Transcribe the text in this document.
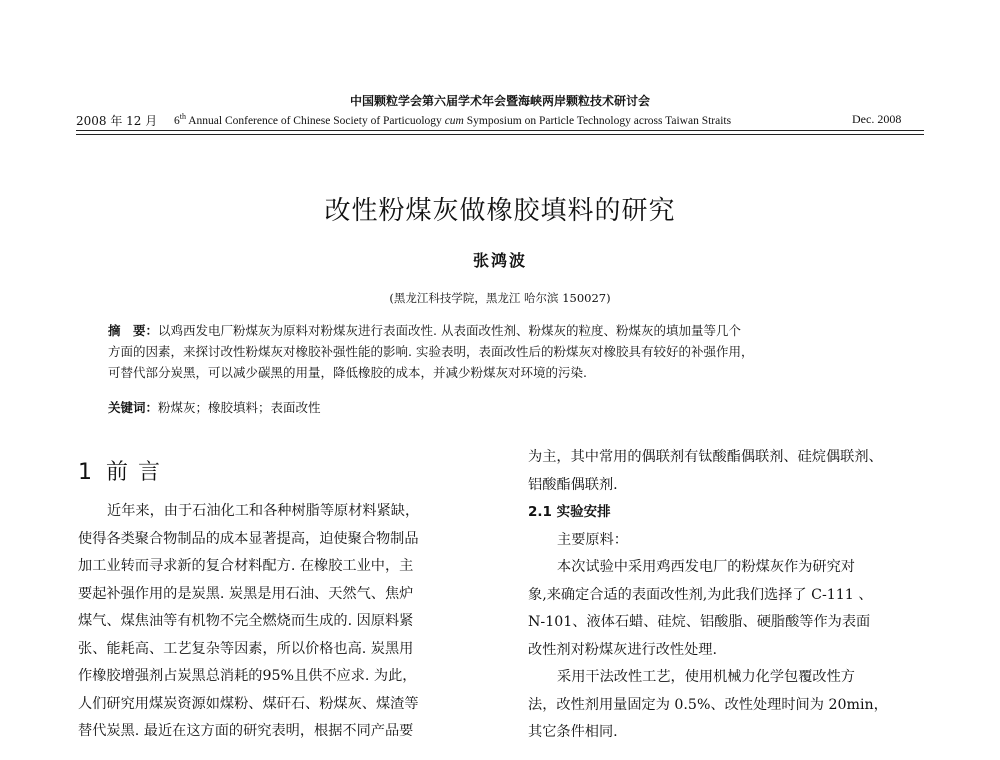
中国颗粒学会第六届学术年会暨海峡两岸颗粒技术研讨会
2008 年 12 月 6th Annual Conference of Chinese Society of Particuology cum Symposium on Particle Technology across Taiwan Straits	Dec. 2008
改性粉煤灰做橡胶填料的研究
张鸿波
(黑龙江科技学院，黑龙江 哈尔滨 150027)
摘　要：以鸡西发电厂粉煤灰为原料对粉煤灰进行表面改性. 从表面改性剂、粉煤灰的粒度、粉煤灰的填加量等几个
方面的因素，来探讨改性粉煤灰对橡胶补强性能的影响. 实验表明，表面改性后的粉煤灰对橡胶具有较好的补强作用，
可替代部分炭黑，可以减少碳黑的用量，降低橡胶的成本，并减少粉煤灰对环境的污染.
关键词：粉煤灰；橡胶填料；表面改性
1 前言
近年来，由于石油化工和各种树脂等原材料紧缺，
使得各类聚合物制品的成本显著提高，迫使聚合物制品
加工业转而寻求新的复合材料配方. 在橡胶工业中，主
要起补强作用的是炭黑. 炭黑是用石油、天然气、焦炉
煤气、煤焦油等有机物不完全燃烧而生成的. 因原料紧
张、能耗高、工艺复杂等因素，所以价格也高. 炭黑用
作橡胶增强剂占炭黑总消耗的95%且供不应求. 为此，
人们研究用煤炭资源如煤粉、煤矸石、粉煤灰、煤渣等
替代炭黑. 最近在这方面的研究表明，根据不同产品要
为主，其中常用的偶联剂有钛酸酯偶联剂、硅烷偶联剂、
铝酸酯偶联剂.
2.1 实验安排
主要原料：
本次试验中采用鸡西发电厂的粉煤灰作为研究对
象,来确定合适的表面改性剂,为此我们选择了 C-111 、
N-101、液体石蜡、硅烷、铝酸脂、硬脂酸等作为表面
改性剂对粉煤灰进行改性处理.
采用干法改性工艺，使用机械力化学包覆改性方
法，改性剂用量固定为 0.5%、改性处理时间为 20min，
其它条件相同.
